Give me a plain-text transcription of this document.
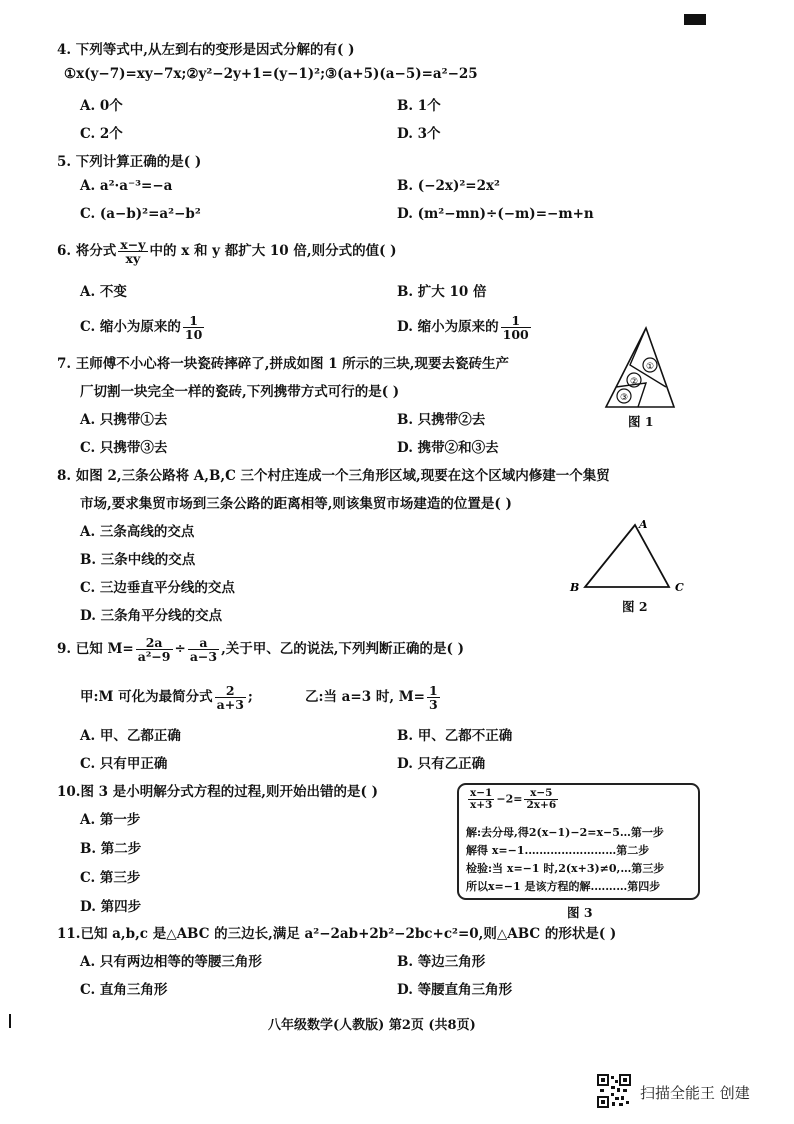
4. 下列等式中,从左到右的变形是因式分解的有( )
①x(y−7)=xy−7x;②y²−2y+1=(y−1)²;③(a+5)(a−5)=a²−25
A. 0个	B. 1个
C. 2个	D. 3个
5. 下列计算正确的是( )
A. a²·a⁻³=−a	B. (−2x)²=2x²
C. (a−b)²=a²−b²	D. (m²−mn)÷(−m)=−m+n
6. 将分式 $\frac{x-y}{xy}$ 中的 x 和 y 都扩大 10 倍,则分式的值( )
A. 不变	B. 扩大 10 倍
C. 缩小为原来的 $\frac{1}{10}$	D. 缩小为原来的 $\frac{1}{100}$
7. 王师傅不小心将一块瓷砖摔碎了,拼成如图 1 所示的三块,现要去瓷砖生产
厂切割一块完全一样的瓷砖,下列携带方式可行的是( )
A. 只携带①去	B. 只携带②去
C. 只携带③去	D. 携带②和③去
①
②
③
图 1
8. 如图 2,三条公路将 A,B,C 三个村庄连成一个三角形区域,现要在这个区域内修建一个集贸
市场,要求集贸市场到三条公路的距离相等,则该集贸市场建造的位置是( )
A. 三条高线的交点
B. 三条中线的交点
C. 三边垂直平分线的交点
D. 三条角平分线的交点
A
B	C
图 2
9. 已知 $M= \frac{2a}{\text{a²−9}} \div \frac{a}{a-3}$ ,关于甲、乙的说法,下列判断正确的是( )
甲:M 可化为最简分式 $\frac{2}{a+3}$ ;	乙:当 a=3 时, $M= \frac{1}{3}$
A. 甲、乙都正确	B. 甲、乙都不正确
C. 只有甲正确	D. 只有乙正确
10.图 3 是小明解分式方程的过程,则开始出错的是( )
A. 第一步
B. 第二步
C. 第三步
D. 第四步
$\frac{x-1}{x+3} -2= \frac{x-5}{2x+6}$
解:去分母,得2(x−1)−2=x−5…第一步
解得 x=−1.……………………第二步
检验:当 x=−1 时,2(x+3)≠0,…第三步
所以x=−1 是该方程的解.………第四步
图 3
11.已知 a,b,c 是△ABC 的三边长,满足 a²−2ab+2b²−2bc+c²=0,则△ABC 的形状是( )
A. 只有两边相等的等腰三角形	B. 等边三角形
C. 直角三角形	D. 等腰直角三角形
八年级数学(人教版) 第2页 (共8页)
扫描全能王 创建
